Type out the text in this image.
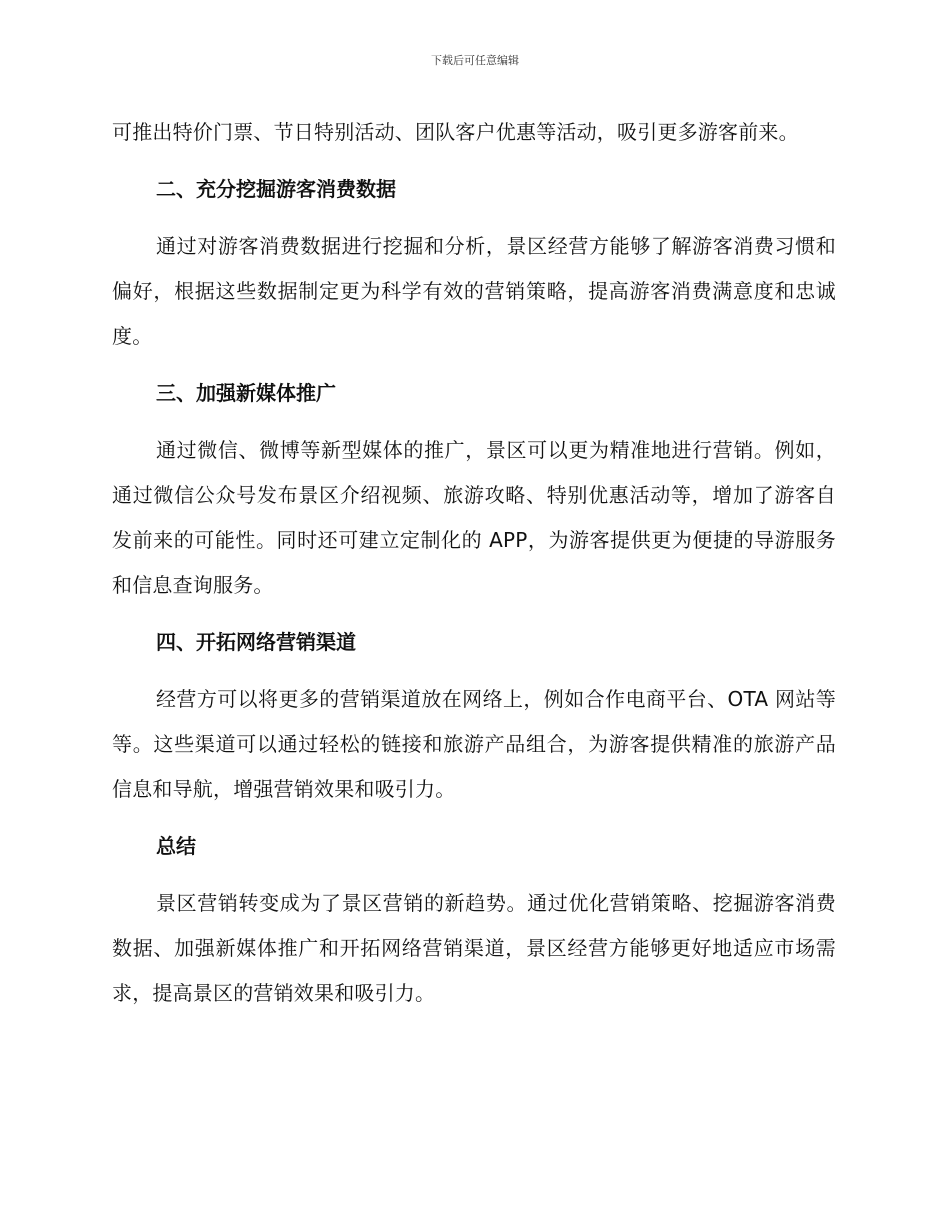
下载后可任意编辑

可推出特价门票、节日特别活动、团队客户优惠等活动，吸引更多游客前来。

二、充分挖掘游客消费数据

通过对游客消费数据进行挖掘和分析，景区经营方能够了解游客消费习惯和偏好，根据这些数据制定更为科学有效的营销策略，提高游客消费满意度和忠诚度。

三、加强新媒体推广

通过微信、微博等新型媒体的推广，景区可以更为精准地进行营销。例如，通过微信公众号发布景区介绍视频、旅游攻略、特别优惠活动等，增加了游客自发前来的可能性。同时还可建立定制化的 APP，为游客提供更为便捷的导游服务和信息查询服务。

四、开拓网络营销渠道

经营方可以将更多的营销渠道放在网络上，例如合作电商平台、OTA 网站等等。这些渠道可以通过轻松的链接和旅游产品组合，为游客提供精准的旅游产品信息和导航，增强营销效果和吸引力。

总结

景区营销转变成为了景区营销的新趋势。通过优化营销策略、挖掘游客消费数据、加强新媒体推广和开拓网络营销渠道，景区经营方能够更好地适应市场需求，提高景区的营销效果和吸引力。
